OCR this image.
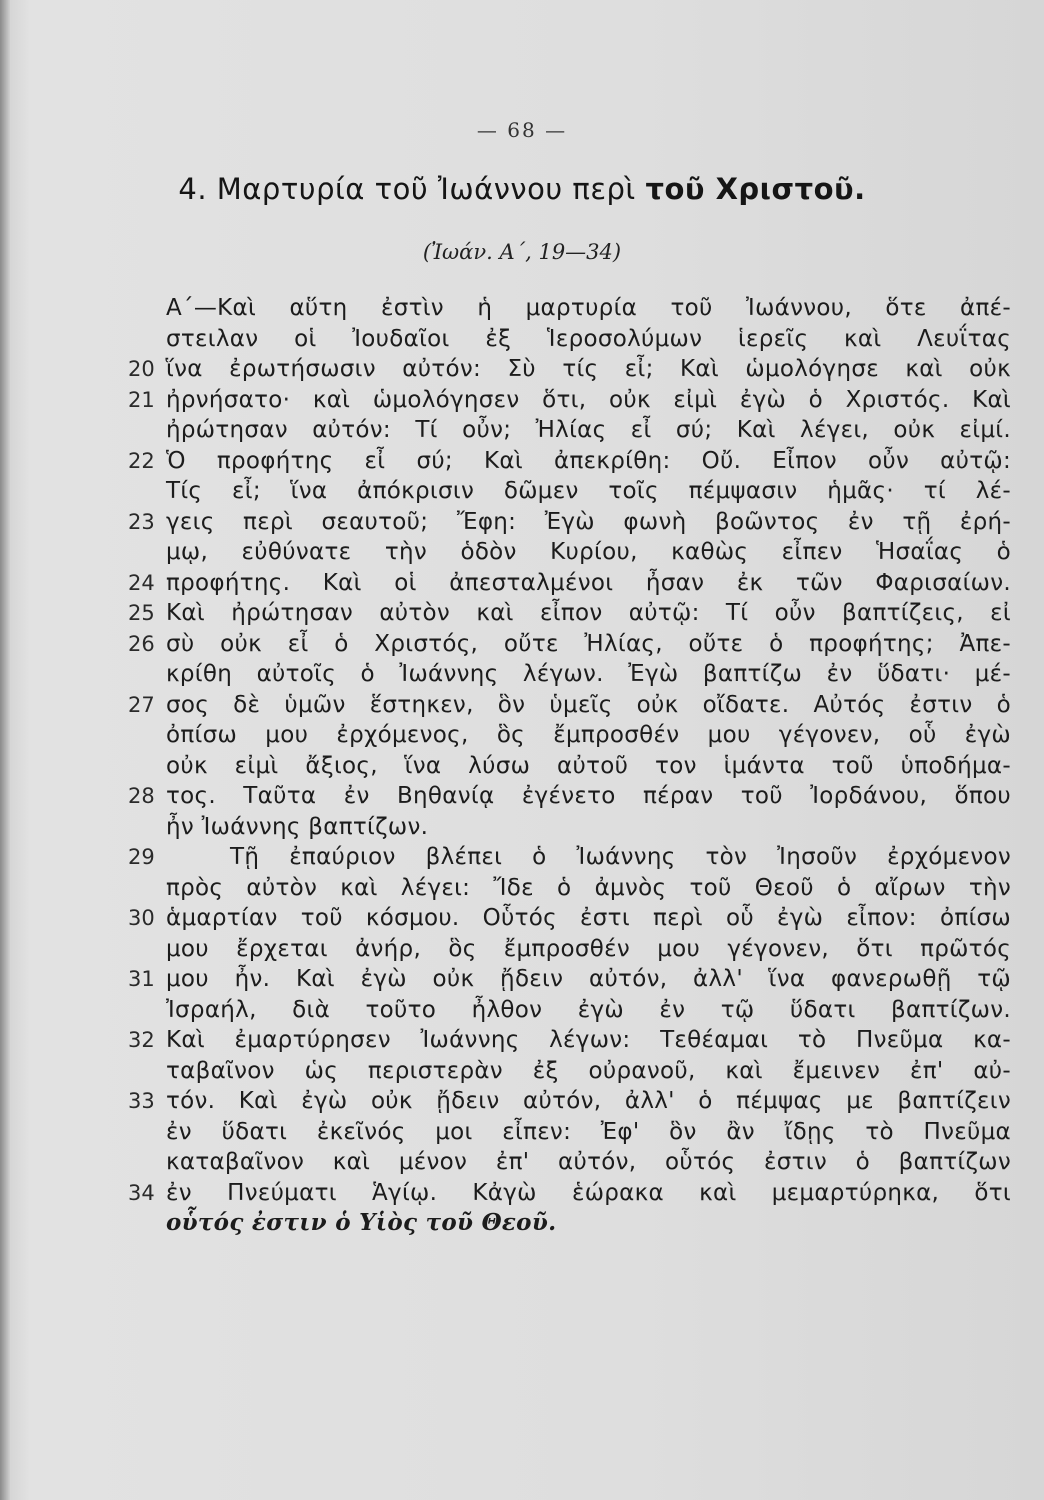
— 68 —
4. Μαρτυρία τοῦ Ἰωάννου περὶ τοῦ Χριστοῦ.
(Ἰωάν. Α΄, 19—34)
Α΄—Καὶ αὕτη ἐστὶν ἡ μαρτυρία τοῦ Ἰωάννου, ὅτε ἀπέ-
στειλαν οἱ Ἰουδαῖοι ἐξ Ἱεροσολύμων ἱερεῖς καὶ Λευΐτας
20 ἵνα ἐρωτήσωσιν αὐτόν: Σὺ τίς εἶ; Καὶ ὡμολόγησε καὶ οὐκ
21 ἠρνήσατο· καὶ ὡμολόγησεν ὅτι, οὐκ εἰμὶ ἐγὼ ὁ Χριστός. Καὶ
ἠρώτησαν αὐτόν: Τί οὖν; Ἠλίας εἶ σύ; Καὶ λέγει, οὐκ εἰμί.
22 Ὁ προφήτης εἶ σύ; Καὶ ἀπεκρίθη: Οὔ. Εἶπον οὖν αὐτῷ:
Τίς εἶ; ἵνα ἀπόκρισιν δῶμεν τοῖς πέμψασιν ἡμᾶς· τί λέ-
23 γεις περὶ σεαυτοῦ; Ἔφη: Ἐγὼ φωνὴ βοῶντος ἐν τῇ ἐρή-
μῳ, εὐθύνατε τὴν ὁδὸν Κυρίου, καθὼς εἶπεν Ἡσαΐας ὁ
24 προφήτης. Καὶ οἱ ἀπεσταλμένοι ἦσαν ἐκ τῶν Φαρισαίων.
25 Καὶ ἠρώτησαν αὐτὸν καὶ εἶπον αὐτῷ: Τί οὖν βαπτίζεις, εἰ
26 σὺ οὐκ εἶ ὁ Χριστός, οὔτε Ἠλίας, οὔτε ὁ προφήτης; Ἀπε-
κρίθη αὐτοῖς ὁ Ἰωάννης λέγων. Ἐγὼ βαπτίζω ἐν ὕδατι· μέ-
27 σος δὲ ὑμῶν ἕστηκεν, ὃν ὑμεῖς οὐκ οἴδατε. Αὐτός ἐστιν ὁ
ὀπίσω μου ἐρχόμενος, ὃς ἔμπροσθέν μου γέγονεν, οὗ ἐγὼ
οὐκ εἰμὶ ἄξιος, ἵνα λύσω αὐτοῦ τον ἱμάντα τοῦ ὑποδήμα-
28 τος. Ταῦτα ἐν Βηθανίᾳ ἐγένετο πέραν τοῦ Ἰορδάνου, ὅπου
ἦν Ἰωάννης βαπτίζων.
29	Τῇ ἐπαύριον βλέπει ὁ Ἰωάννης τὸν Ἰησοῦν ἐρχόμενον
πρὸς αὐτὸν καὶ λέγει: Ἴδε ὁ ἀμνὸς τοῦ Θεοῦ ὁ αἴρων τὴν
30 ἁμαρτίαν τοῦ κόσμου. Οὗτός ἐστι περὶ οὗ ἐγὼ εἶπον: ὀπίσω
μου ἔρχεται ἀνήρ, ὃς ἔμπροσθέν μου γέγονεν, ὅτι πρῶτός
31 μου ἦν. Καὶ ἐγὼ οὐκ ᾔδειν αὐτόν, ἀλλ' ἵνα φανερωθῇ τῷ
Ἰσραήλ, διὰ τοῦτο ἦλθον ἐγὼ ἐν τῷ ὕδατι βαπτίζων.
32 Καὶ ἐμαρτύρησεν Ἰωάννης λέγων: Τεθέαμαι τὸ Πνεῦμα κα-
ταβαῖνον ὡς περιστερὰν ἐξ οὐρανοῦ, καὶ ἔμεινεν ἐπ' αὐ-
33 τόν. Καὶ ἐγὼ οὐκ ᾔδειν αὐτόν, ἀλλ' ὁ πέμψας με βαπτίζειν
ἐν ὕδατι ἐκεῖνός μοι εἶπεν: Ἐφ' ὃν ἂν ἴδῃς τὸ Πνεῦμα
καταβαῖνον καὶ μένον ἐπ' αὐτόν, οὗτός ἐστιν ὁ βαπτίζων
34 ἐν Πνεύματι Ἁγίῳ. Κἀγὼ ἑώρακα καὶ μεμαρτύρηκα, ὅτι
οὗτός ἐστιν ὁ Υἱὸς τοῦ Θεοῦ.
